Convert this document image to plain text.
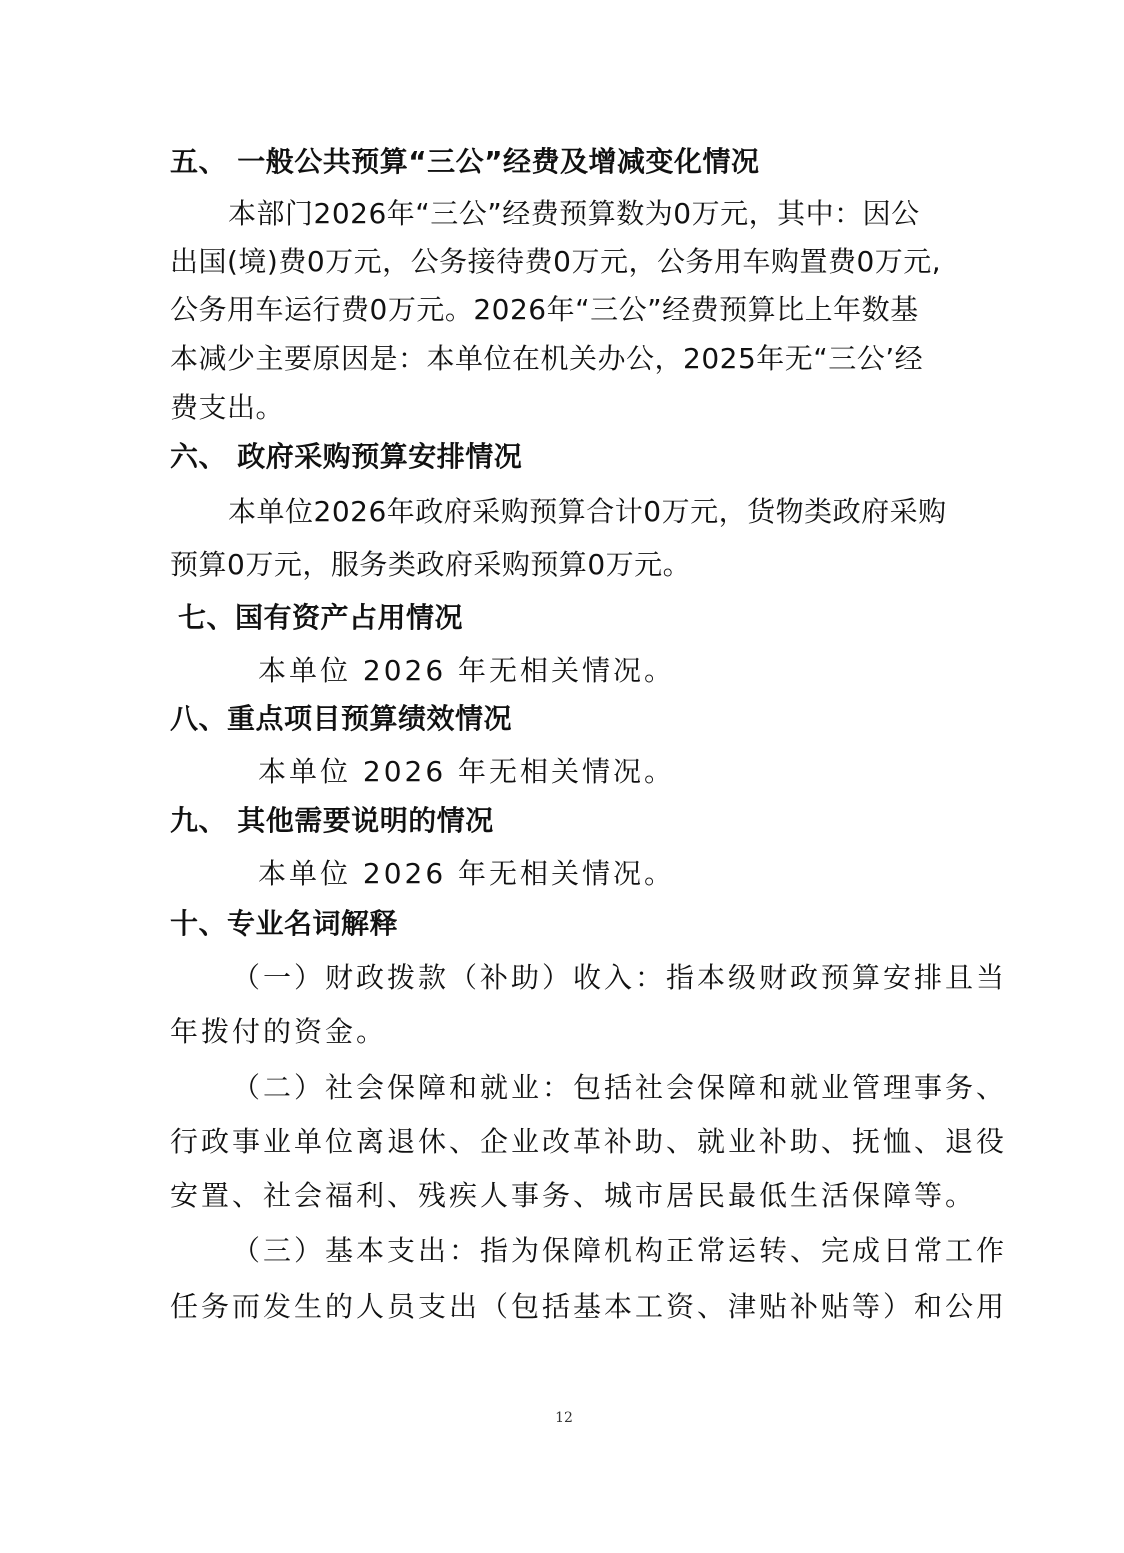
五、 一般公共预算“三公”经费及增减变化情况
本部门2026年“三公”经费预算数为0万元，其中：因公
出国(境)费0万元，公务接待费0万元，公务用车购置费0万元,
公务用车运行费0万元。2026年“三公”经费预算比上年数基
本减少主要原因是：本单位在机关办公，2025年无“三公’经
费支出。
六、 政府采购预算安排情况
本单位2026年政府采购预算合计0万元，货物类政府采购
预算0万元，服务类政府采购预算0万元。
七、国有资产占用情况
本单位 2026 年无相关情况。
八、重点项目预算绩效情况
本单位 2026 年无相关情况。
九、 其他需要说明的情况
本单位 2026 年无相关情况。
十、专业名词解释
（一）财政拨款（补助）收入：指本级财政预算安排且当
年拨付的资金。
（二）社会保障和就业：包括社会保障和就业管理事务、
行政事业单位离退休、企业改革补助、就业补助、抚恤、退役
安置、社会福利、残疾人事务、城市居民最低生活保障等。
（三）基本支出：指为保障机构正常运转、完成日常工作
任务而发生的人员支出（包括基本工资、津贴补贴等）和公用
12
